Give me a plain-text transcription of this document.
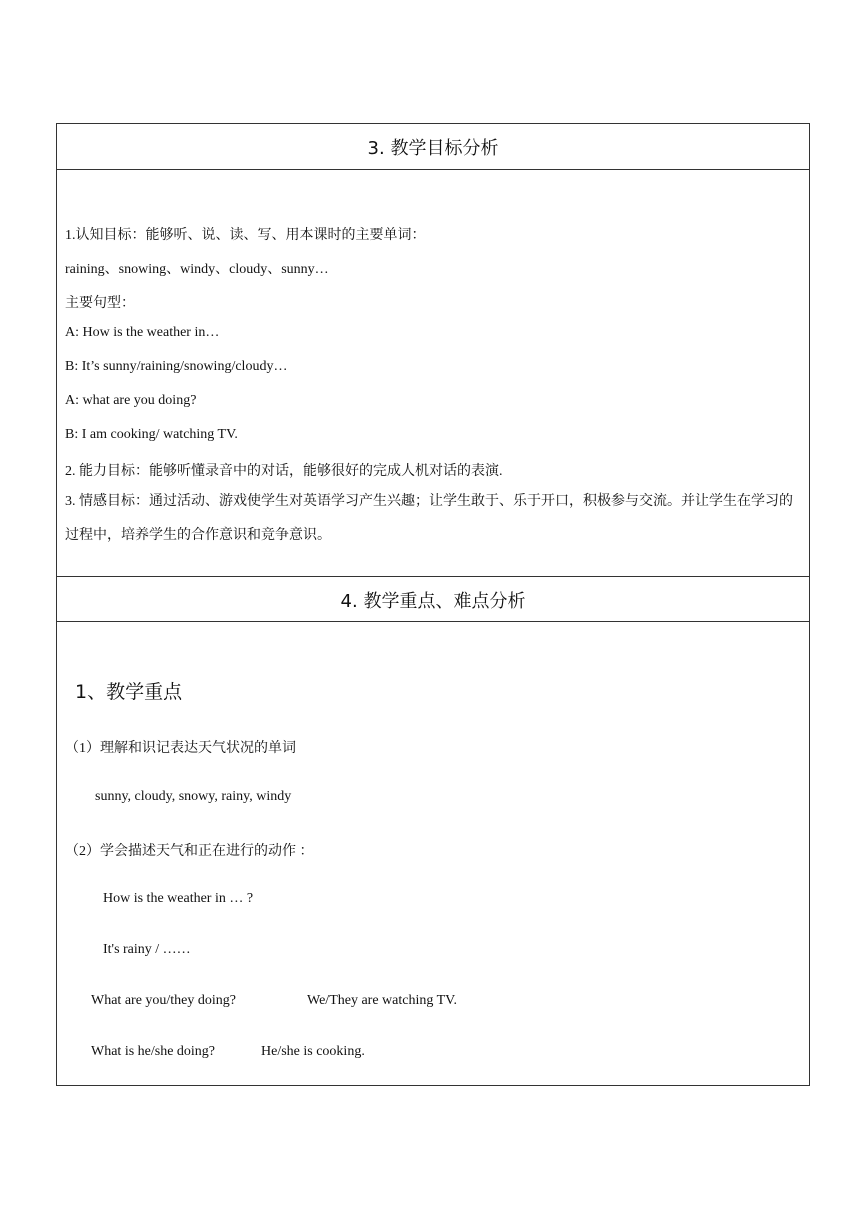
3. 教学目标分析
1.认知目标：能够听、说、读、写、用本课时的主要单词：
raining、snowing、windy、cloudy、sunny…
主要句型：
A: How is the weather in…
B: It’s sunny/raining/snowing/cloudy…
A: what are you doing?
B: I am cooking/ watching TV.
2. 能力目标：能够听懂录音中的对话，能够很好的完成人机对话的表演.
3. 情感目标：通过活动、游戏使学生对英语学习产生兴趣；让学生敢于、乐于开口，积极参与交流。并让学生在学习的过程中，培养学生的合作意识和竞争意识。
4. 教学重点、难点分析
1、教学重点
（1）理解和识记表达天气状况的单词
sunny, cloudy, snowy, rainy, windy
（2）学会描述天气和正在进行的动作 ：
How is the weather in … ?
It's rainy / ……
What are you/they doing?	We/They are watching TV.
What is he/she doing?	He/she is cooking.
